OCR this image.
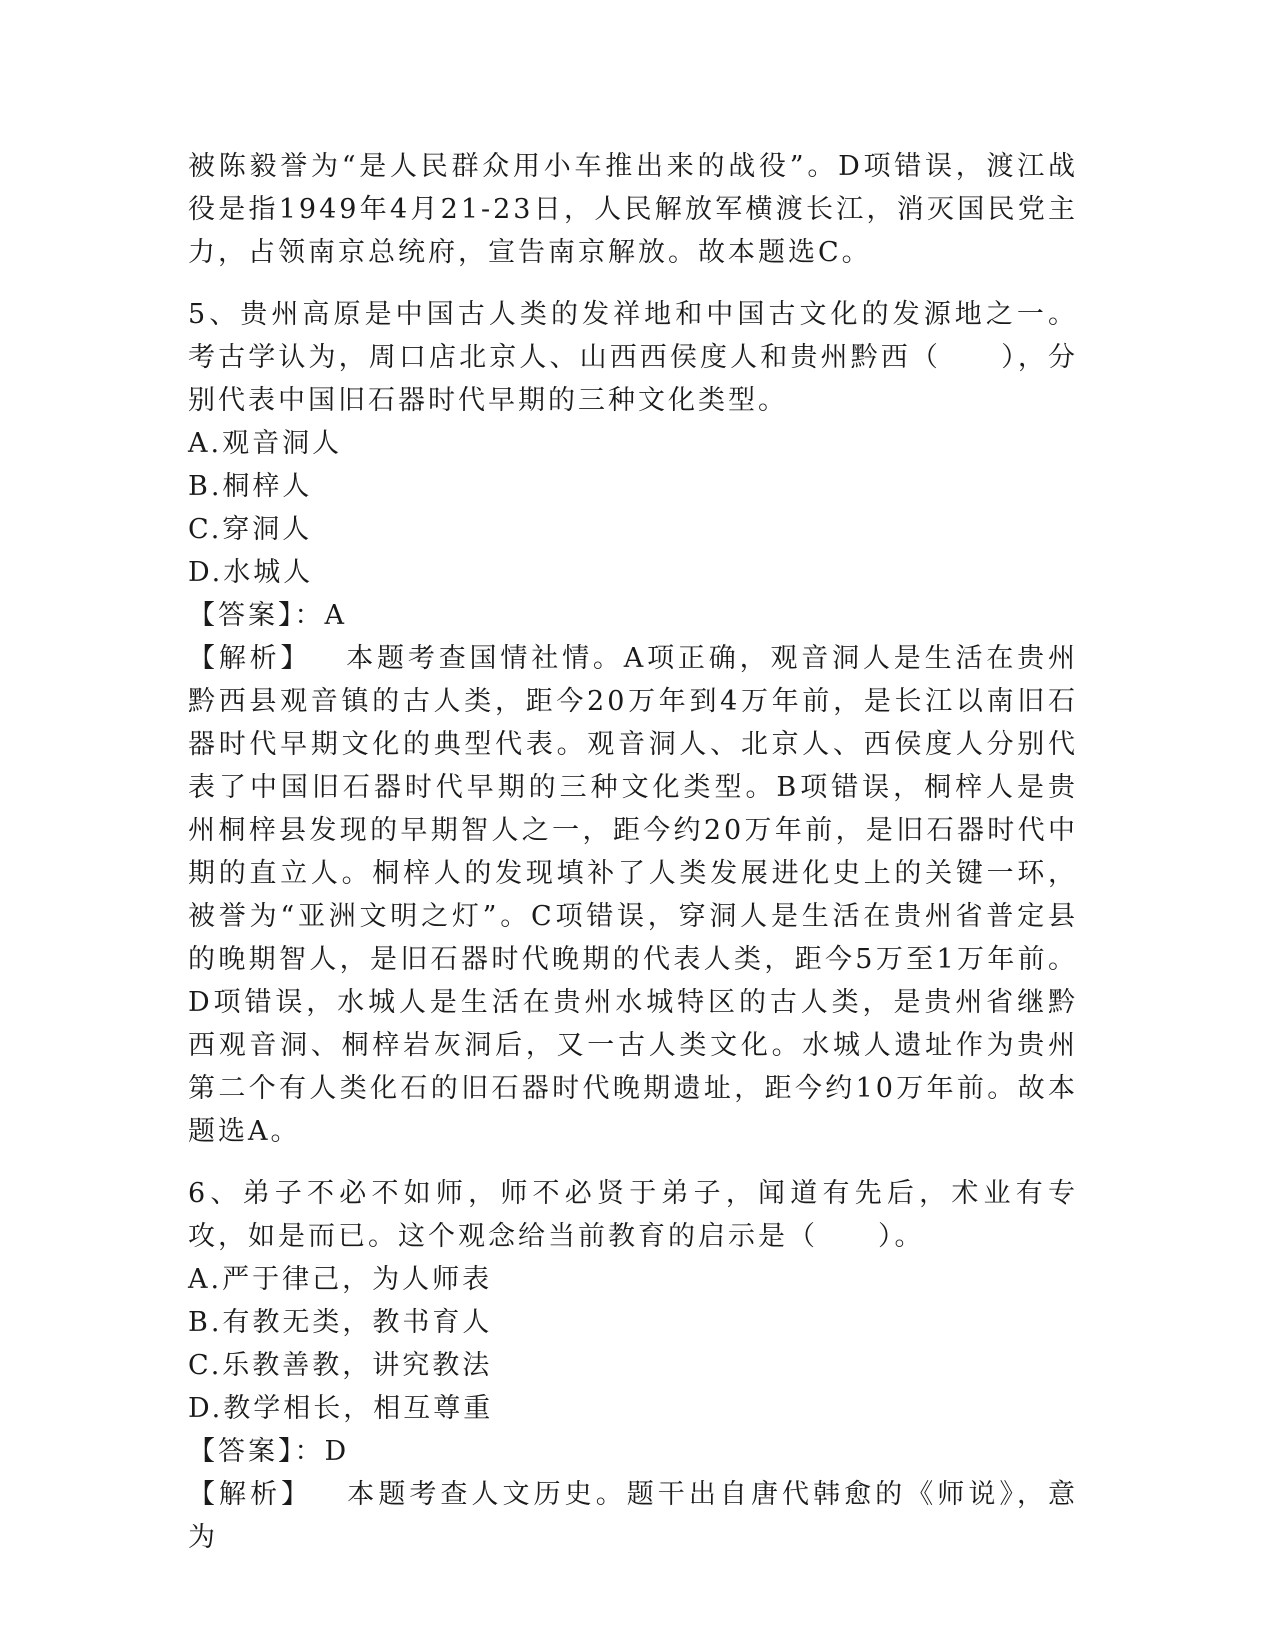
被陈毅誉为“是人民群众用小车推出来的战役”。D项错误，渡江战役是指1949年4月21-23日，人民解放军横渡长江，消灭国民党主力，占领南京总统府，宣告南京解放。故本题选C。

5、贵州高原是中国古人类的发祥地和中国古文化的发源地之一。考古学认为，周口店北京人、山西西侯度人和贵州黔西（　　），分别代表中国旧石器时代早期的三种文化类型。

A.观音洞人

B.桐梓人

C.穿洞人

D.水城人

【答案】：A

【解析】 本题考查国情社情。A项正确，观音洞人是生活在贵州黔西县观音镇的古人类，距今20万年到4万年前，是长江以南旧石器时代早期文化的典型代表。观音洞人、北京人、西侯度人分别代表了中国旧石器时代早期的三种文化类型。B项错误，桐梓人是贵州桐梓县发现的早期智人之一，距今约20万年前，是旧石器时代中期的直立人。桐梓人的发现填补了人类发展进化史上的关键一环，被誉为“亚洲文明之灯”。C项错误，穿洞人是生活在贵州省普定县的晚期智人，是旧石器时代晚期的代表人类，距今5万至1万年前。D项错误，水城人是生活在贵州水城特区的古人类，是贵州省继黔西观音洞、桐梓岩灰洞后，又一古人类文化。水城人遗址作为贵州第二个有人类化石的旧石器时代晚期遗址，距今约10万年前。故本题选A。

6、弟子不必不如师，师不必贤于弟子，闻道有先后，术业有专攻，如是而已。这个观念给当前教育的启示是（　　）。

A.严于律己，为人师表

B.有教无类，教书育人

C.乐教善教，讲究教法

D.教学相长，相互尊重

【答案】：D

【解析】 本题考查人文历史。题干出自唐代韩愈的《师说》，意为
